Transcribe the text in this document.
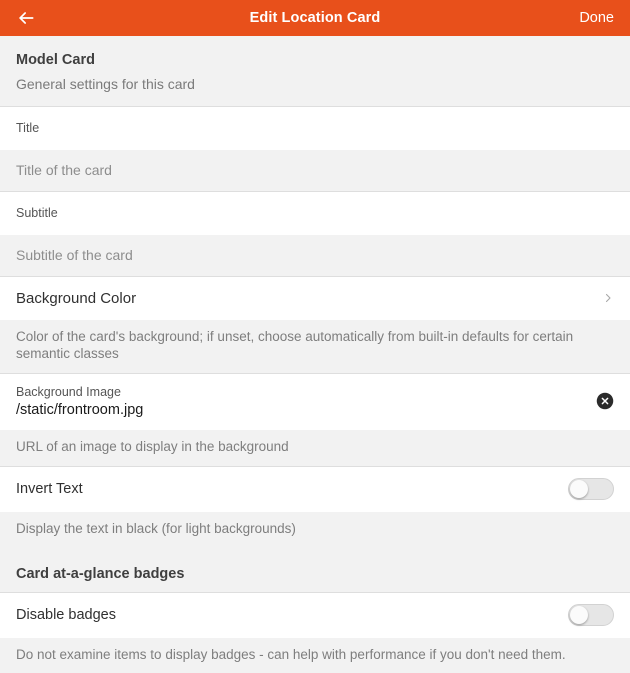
Edit Location Card	Done
Model Card
General settings for this card
Title
Title of the card
Subtitle
Subtitle of the card
Background Color
Color of the card's background; if unset, choose automatically from built-in defaults for certain semantic classes
Background Image
/static/frontroom.jpg
URL of an image to display in the background
Invert Text
Display the text in black (for light backgrounds)
Card at-a-glance badges
Disable badges
Do not examine items to display badges - can help with performance if you don't need them.
